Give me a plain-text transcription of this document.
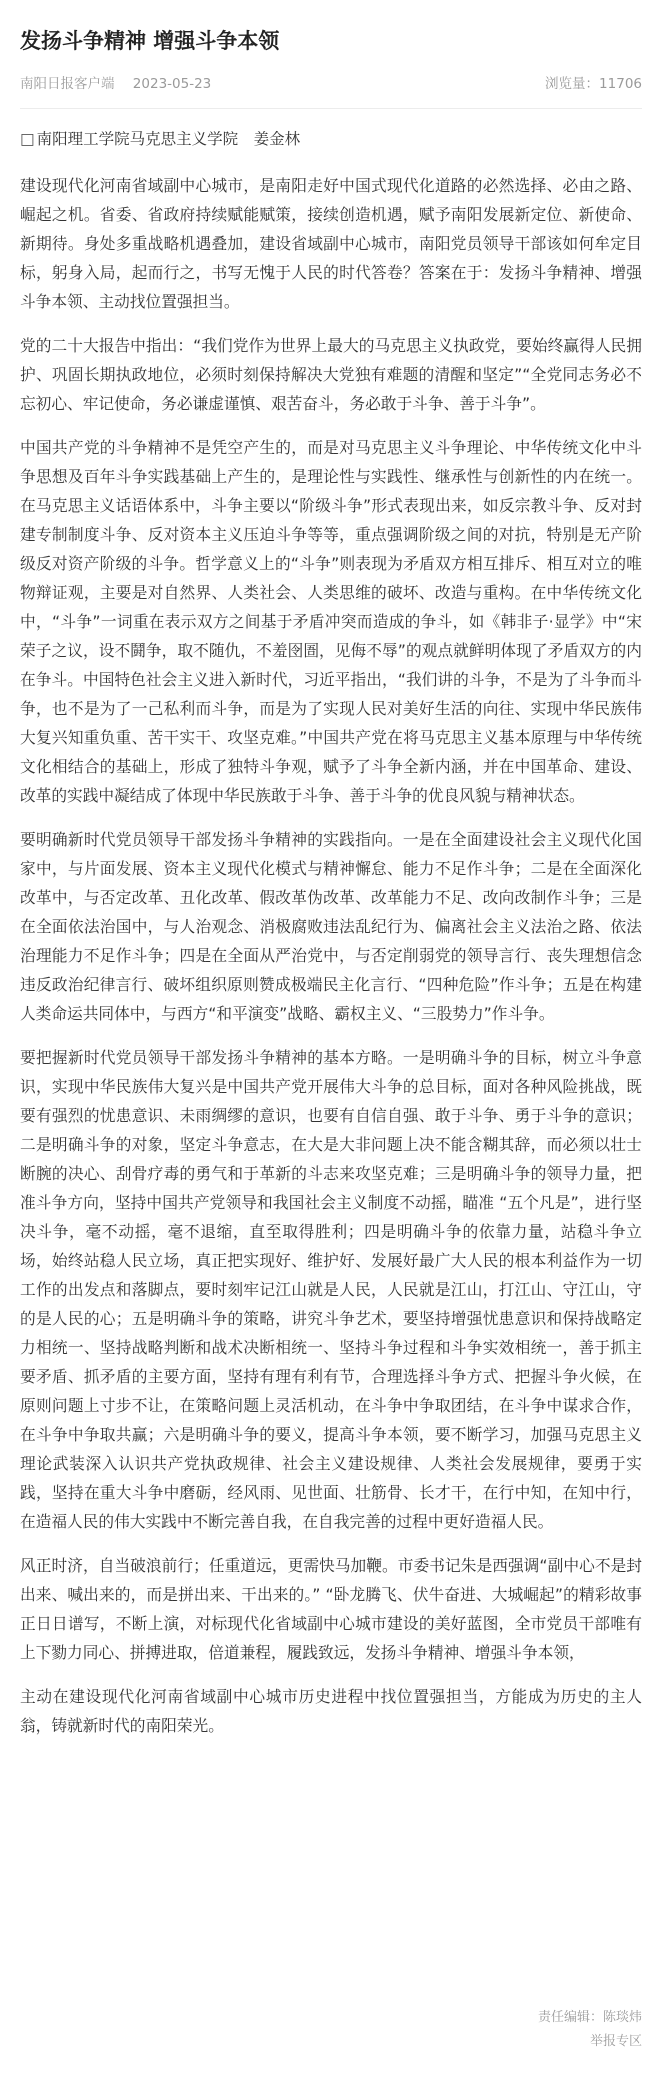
发扬斗争精神 增强斗争本领
南阳日报客户端 2023-05-23	浏览量：11706
□ 南阳理工学院马克思主义学院　姜金林

建设现代化河南省域副中心城市，是南阳走好中国式现代化道路的必然选择、必由之路、崛起之机。省委、省政府持续赋能赋策，接续创造机遇，赋予南阳发展新定位、新使命、新期待。身处多重战略机遇叠加，建设省域副中心城市，南阳党员领导干部该如何牟定目标，躬身入局，起而行之，书写无愧于人民的时代答卷？答案在于：发扬斗争精神、增强斗争本领、主动找位置强担当。

党的二十大报告中指出：“我们党作为世界上最大的马克思主义执政党，要始终赢得人民拥护、巩固长期执政地位，必须时刻保持解决大党独有难题的清醒和坚定”“全党同志务必不忘初心、牢记使命，务必谦虚谨慎、艰苦奋斗，务必敢于斗争、善于斗争”。

中国共产党的斗争精神不是凭空产生的，而是对马克思主义斗争理论、中华传统文化中斗争思想及百年斗争实践基础上产生的，是理论性与实践性、继承性与创新性的内在统一。在马克思主义话语体系中，斗争主要以“阶级斗争”形式表现出来，如反宗教斗争、反对封建专制制度斗争、反对资本主义压迫斗争等等，重点强调阶级之间的对抗，特别是无产阶级反对资产阶级的斗争。哲学意义上的“斗争”则表现为矛盾双方相互排斥、相互对立的唯物辩证观，主要是对自然界、人类社会、人类思维的破坏、改造与重构。在中华传统文化中，“斗争”一词重在表示双方之间基于矛盾冲突而造成的争斗，如《韩非子·显学》中“宋荣子之议，设不鬪争，取不随仇，不羞囹圄，见侮不辱”的观点就鲜明体现了矛盾双方的内在争斗。中国特色社会主义进入新时代，习近平指出，“我们讲的斗争，不是为了斗争而斗争，也不是为了一己私利而斗争，而是为了实现人民对美好生活的向往、实现中华民族伟大复兴知重负重、苦干实干、攻坚克难。”中国共产党在将马克思主义基本原理与中华传统文化相结合的基础上，形成了独特斗争观，赋予了斗争全新内涵，并在中国革命、建设、改革的实践中凝结成了体现中华民族敢于斗争、善于斗争的优良风貌与精神状态。

要明确新时代党员领导干部发扬斗争精神的实践指向。一是在全面建设社会主义现代化国家中，与片面发展、资本主义现代化模式与精神懈怠、能力不足作斗争；二是在全面深化改革中，与否定改革、丑化改革、假改革伪改革、改革能力不足、改向改制作斗争；三是在全面依法治国中，与人治观念、消极腐败违法乱纪行为、偏离社会主义法治之路、依法治理能力不足作斗争；四是在全面从严治党中，与否定削弱党的领导言行、丧失理想信念违反政治纪律言行、破坏组织原则赞成极端民主化言行、“四种危险”作斗争；五是在构建人类命运共同体中，与西方“和平演变”战略、霸权主义、“三股势力”作斗争。

要把握新时代党员领导干部发扬斗争精神的基本方略。一是明确斗争的目标，树立斗争意识，实现中华民族伟大复兴是中国共产党开展伟大斗争的总目标，面对各种风险挑战，既要有强烈的忧患意识、未雨绸缪的意识，也要有自信自强、敢于斗争、勇于斗争的意识；二是明确斗争的对象，坚定斗争意志，在大是大非问题上决不能含糊其辞，而必须以壮士断腕的决心、刮骨疗毒的勇气和于革新的斗志来攻坚克难；三是明确斗争的领导力量，把准斗争方向，坚持中国共产党领导和我国社会主义制度不动摇，瞄准 “五个凡是”，进行坚决斗争，毫不动摇，毫不退缩，直至取得胜利；四是明确斗争的依靠力量，站稳斗争立场，始终站稳人民立场，真正把实现好、维护好、发展好最广大人民的根本利益作为一切工作的出发点和落脚点，要时刻牢记江山就是人民，人民就是江山，打江山、守江山，守的是人民的心；五是明确斗争的策略，讲究斗争艺术，要坚持增强忧患意识和保持战略定力相统一、坚持战略判断和战术决断相统一、坚持斗争过程和斗争实效相统一，善于抓主要矛盾、抓矛盾的主要方面，坚持有理有利有节，合理选择斗争方式、把握斗争火候，在原则问题上寸步不让，在策略问题上灵活机动，在斗争中争取团结，在斗争中谋求合作，在斗争中争取共赢；六是明确斗争的要义，提高斗争本领，要不断学习，加强马克思主义理论武装深入认识共产党执政规律、社会主义建设规律、人类社会发展规律，要勇于实践，坚持在重大斗争中磨砺，经风雨、见世面、壮筋骨、长才干，在行中知，在知中行，在造福人民的伟大实践中不断完善自我，在自我完善的过程中更好造福人民。

风正时济，自当破浪前行；任重道远，更需快马加鞭。市委书记朱是西强调“副中心不是封出来、喊出来的，而是拼出来、干出来的。” “卧龙腾飞、伏牛奋进、大城崛起”的精彩故事正日日谱写，不断上演，对标现代化省域副中心城市建设的美好蓝图，全市党员干部唯有上下勠力同心、拼搏进取，倍道兼程，履践致远，发扬斗争精神、增强斗争本领，

主动在建设现代化河南省域副中心城市历史进程中找位置强担当，方能成为历史的主人翁，铸就新时代的南阳荣光。

责任编辑：陈琰炜
举报专区
